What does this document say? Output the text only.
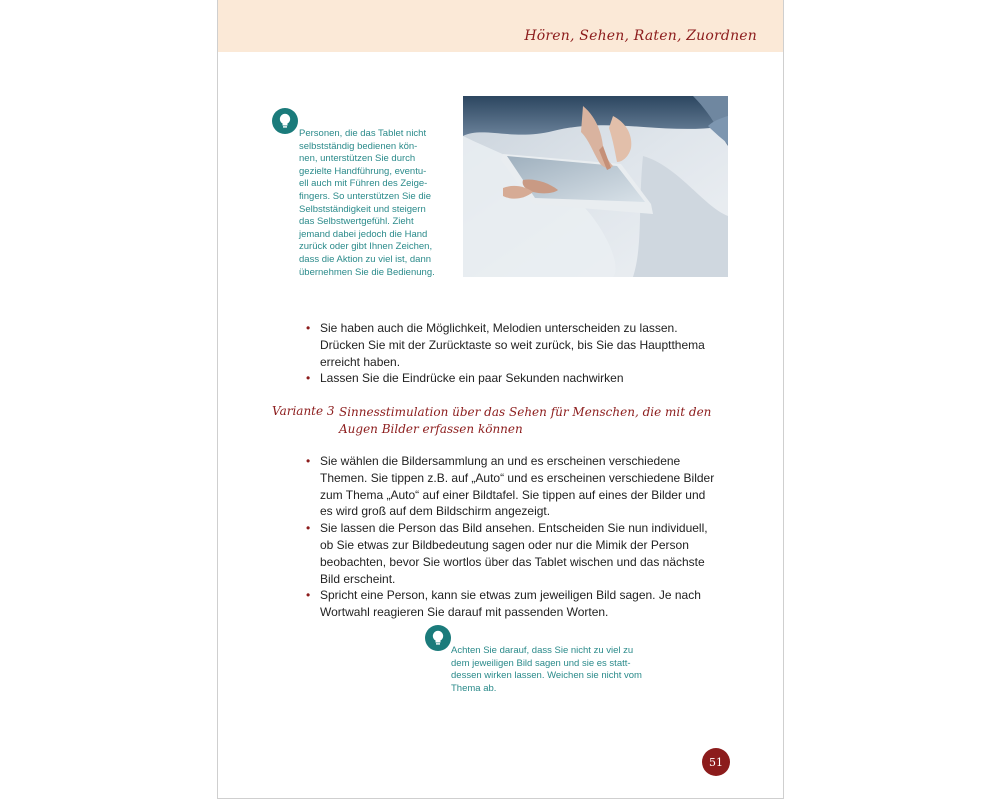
Hören, Sehen, Raten, Zuordnen

Personen, die das Tablet nicht

selbstständig bedienen kön-

nen, unterstützen Sie durch

gezielte Handführung, eventu-

ell auch mit Führen des Zeige-

fingers. So unterstützen Sie die

Selbstständigkeit und steigern

das Selbstwertgefühl. Zieht

jemand dabei jedoch die Hand

zurück oder gibt Ihnen Zeichen,

dass die Aktion zu viel ist, dann

übernehmen Sie die Bedienung.

• Sie haben auch die Möglichkeit, Melodien unterscheiden zu lassen. Drücken Sie mit der Zurücktaste so weit zurück, bis Sie das Hauptthema erreicht haben.
• Lassen Sie die Eindrücke ein paar Sekunden nachwirken
Variante 3 Sinnesstimulation über das Sehen für Menschen, die mit den Augen Bilder erfassen können
• Sie wählen die Bildersammlung an und es erscheinen verschiedene Themen. Sie tippen z.B. auf „Auto“ und es erscheinen verschiedene Bilder zum Thema „Auto“ auf einer Bildtafel. Sie tippen auf eines der Bilder und es wird groß auf dem Bildschirm angezeigt.
• Sie lassen die Person das Bild ansehen. Entscheiden Sie nun individuell, ob Sie etwas zur Bildbedeutung sagen oder nur die Mimik der Person beobachten, bevor Sie wortlos über das Tablet wischen und das nächste Bild erscheint.
• Spricht eine Person, kann sie etwas zum jeweiligen Bild sagen. Je nach Wortwahl reagieren Sie darauf mit passenden Worten.

Achten Sie darauf, dass Sie nicht zu viel zu

dem jeweiligen Bild sagen und sie es statt-

dessen wirken lassen. Weichen sie nicht vom

Thema ab.

51
